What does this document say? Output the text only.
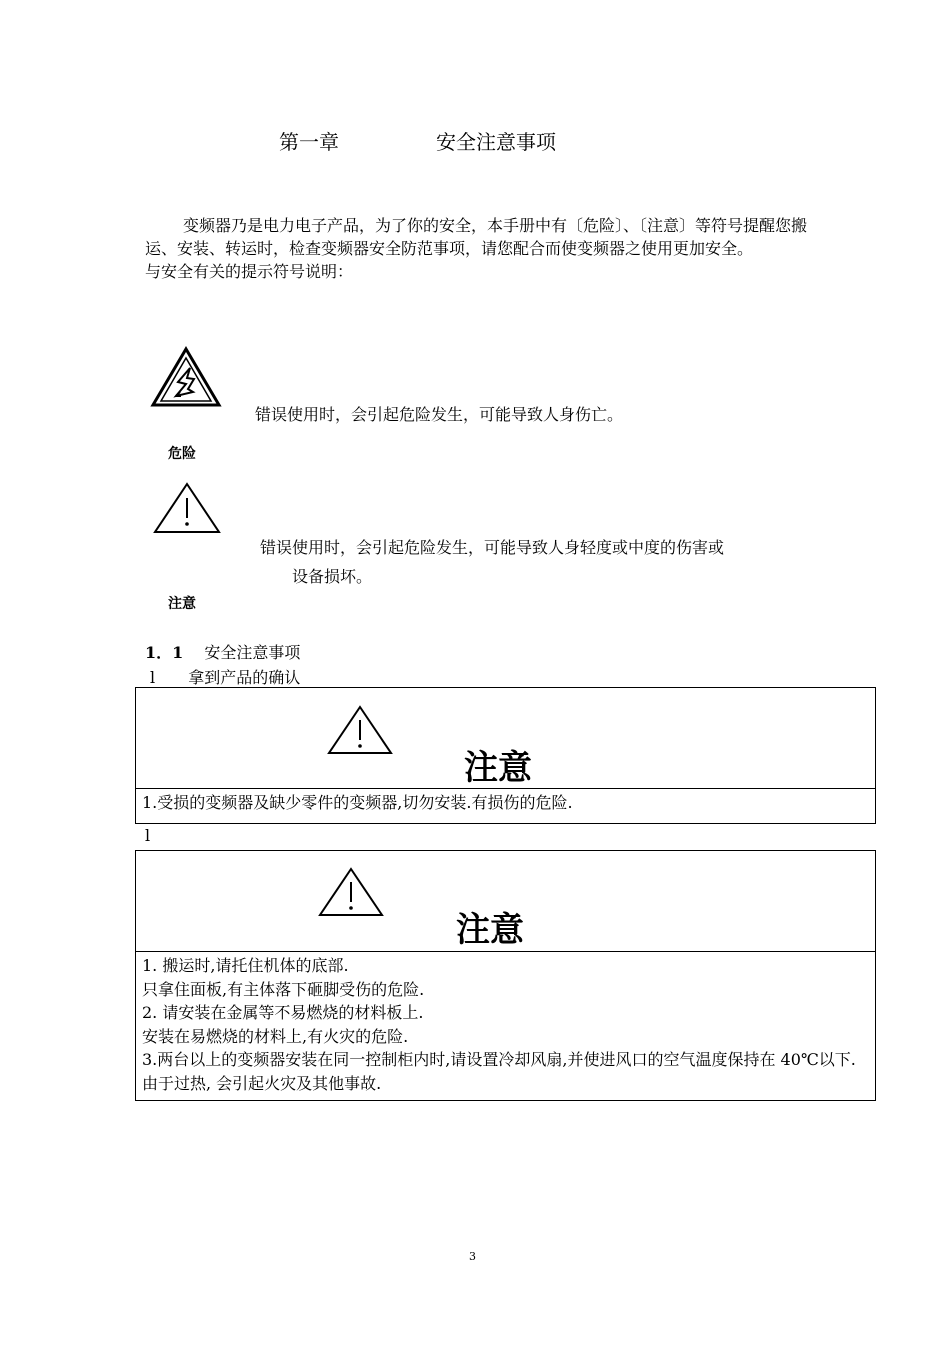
第一章	安全注意事项

变频器乃是电力电子产品，为了你的安全，本手册中有〔危险〕、〔注意〕等符号提醒您搬运、安装、转运时，检查变频器安全防范事项，请您配合而使变频器之使用更加安全。

与安全有关的提示符号说明：

错误使用时，会引起危险发生，可能导致人身伤亡。
危险
错误使用时，会引起危险发生，可能导致人身轻度或中度的伤害或
设备损坏。
注意
1．1 安全注意事项
l 拿到产品的确认
注意

1.受损的变频器及缺少零件的变频器,切勿安装.有损伤的危险.

l
注意

1. 搬运时,请托住机体的底部.

只拿住面板,有主体落下砸脚受伤的危险.

2. 请安装在金属等不易燃烧的材料板上.

安装在易燃烧的材料上,有火灾的危险.

3.两台以上的变频器安装在同一控制柜内时,请设置冷却风扇,并使进风口的空气温度保持在 40℃以下. 由于过热, 会引起火灾及其他事故.

3
